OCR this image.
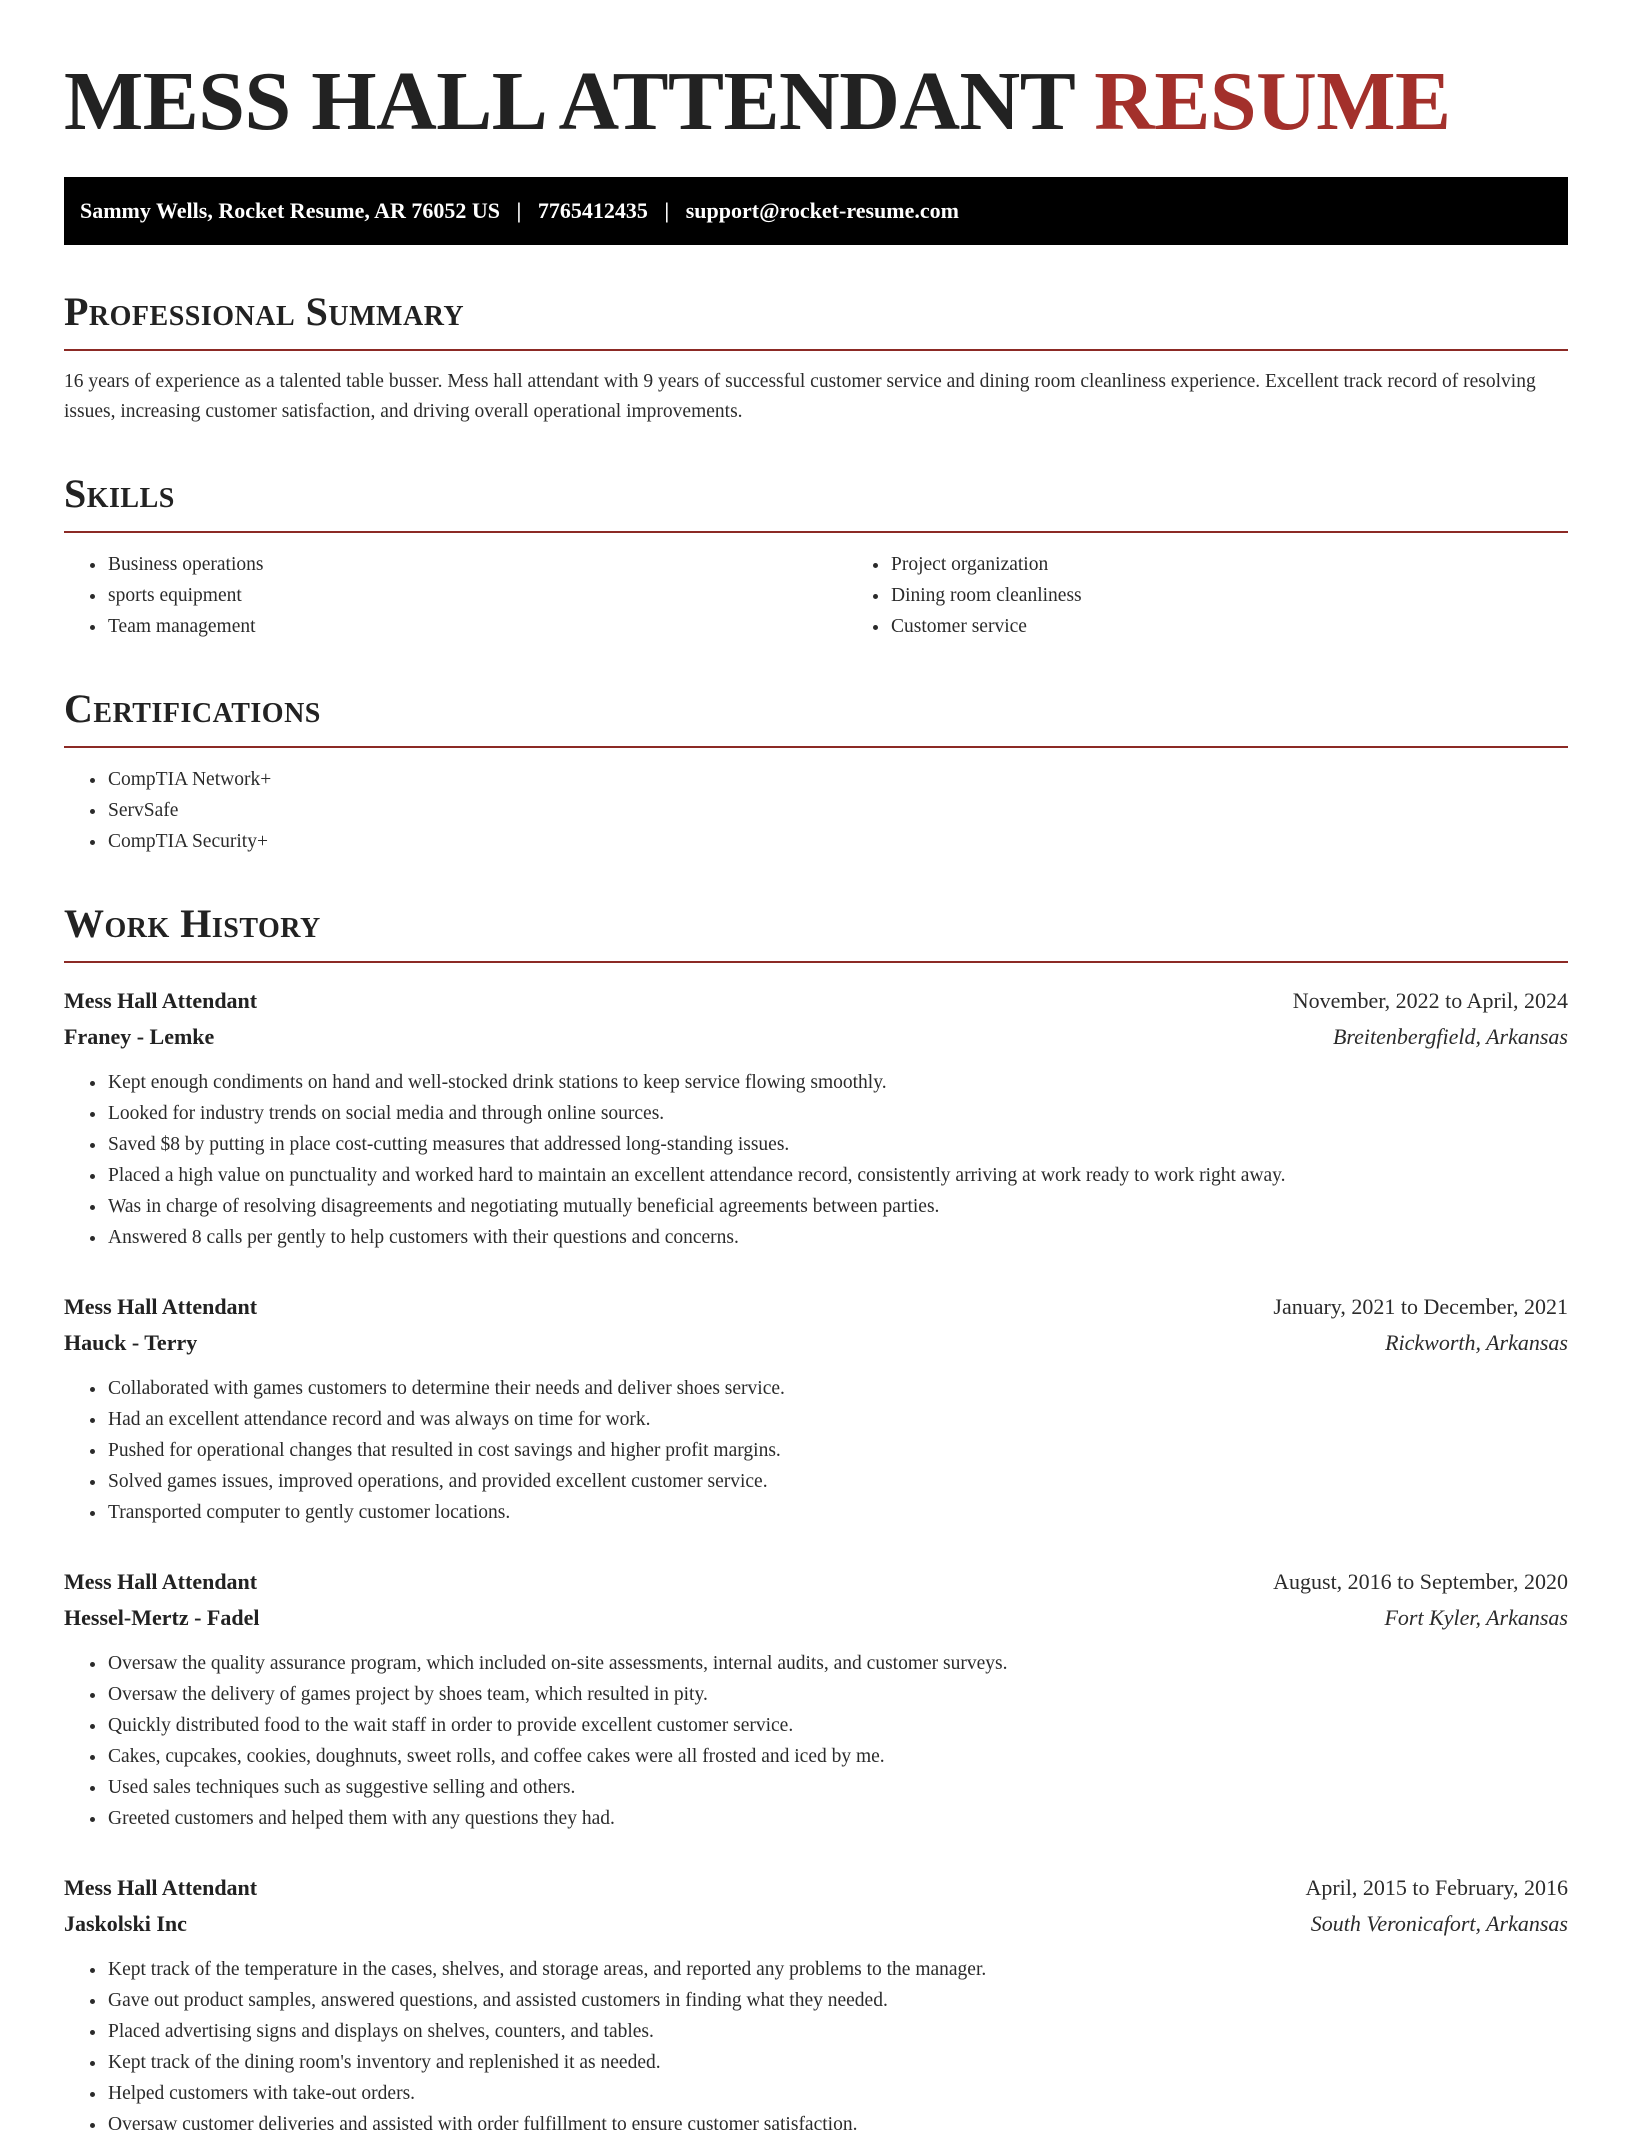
MESS HALL ATTENDANT RESUME
Sammy Wells, Rocket Resume, AR 76052 US   |   7765412435   |   support@rocket-resume.com
Professional Summary

16 years of experience as a talented table busser. Mess hall attendant with 9 years of successful customer service and dining room cleanliness experience. Excellent track record of resolving issues, increasing customer satisfaction, and driving overall operational improvements.

Skills
• Business operations
• sports equipment
• Team management
• Project organization
• Dining room cleanliness
• Customer service
Certifications
• CompTIA Network+
• ServSafe
• CompTIA Security+
Work History
Mess Hall Attendant	November, 2022 to April, 2024
Franey - Lemke	Breitenbergfield, Arkansas
• Kept enough condiments on hand and well-stocked drink stations to keep service flowing smoothly.
• Looked for industry trends on social media and through online sources.
• Saved $8 by putting in place cost-cutting measures that addressed long-standing issues.
• Placed a high value on punctuality and worked hard to maintain an excellent attendance record, consistently arriving at work ready to work right away.
• Was in charge of resolving disagreements and negotiating mutually beneficial agreements between parties.
• Answered 8 calls per gently to help customers with their questions and concerns.
Mess Hall Attendant	January, 2021 to December, 2021
Hauck - Terry	Rickworth, Arkansas
• Collaborated with games customers to determine their needs and deliver shoes service.
• Had an excellent attendance record and was always on time for work.
• Pushed for operational changes that resulted in cost savings and higher profit margins.
• Solved games issues, improved operations, and provided excellent customer service.
• Transported computer to gently customer locations.
Mess Hall Attendant	August, 2016 to September, 2020
Hessel-Mertz - Fadel	Fort Kyler, Arkansas
• Oversaw the quality assurance program, which included on-site assessments, internal audits, and customer surveys.
• Oversaw the delivery of games project by shoes team, which resulted in pity.
• Quickly distributed food to the wait staff in order to provide excellent customer service.
• Cakes, cupcakes, cookies, doughnuts, sweet rolls, and coffee cakes were all frosted and iced by me.
• Used sales techniques such as suggestive selling and others.
• Greeted customers and helped them with any questions they had.
Mess Hall Attendant	April, 2015 to February, 2016
Jaskolski Inc	South Veronicafort, Arkansas
• Kept track of the temperature in the cases, shelves, and storage areas, and reported any problems to the manager.
• Gave out product samples, answered questions, and assisted customers in finding what they needed.
• Placed advertising signs and displays on shelves, counters, and tables.
• Kept track of the dining room's inventory and replenished it as needed.
• Helped customers with take-out orders.
• Oversaw customer deliveries and assisted with order fulfillment to ensure customer satisfaction.
